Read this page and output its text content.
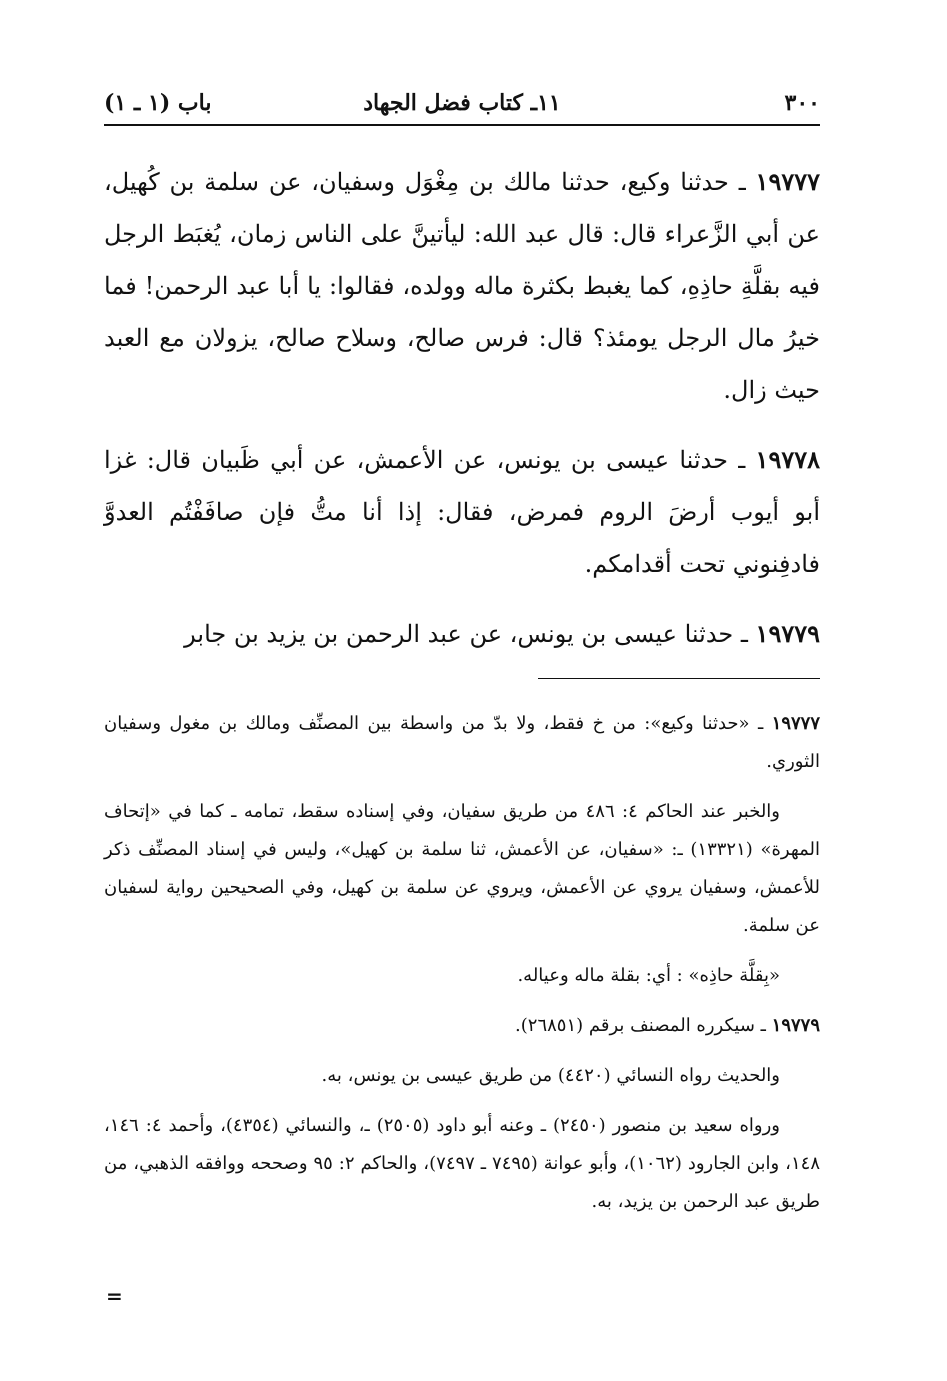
٣٠٠
١١ـ كتاب فضل الجهاد
باب (١ ـ ١)

١٩٧٧٧ ـ حدثنا وكيع، حدثنا مالك بن مِغْوَل وسفيان، عن سلمة بن كُهيل، عن أبي الزَّعراء قال: قال عبد الله: ليأتينَّ على الناس زمان، يُغبَط الرجل فيه بقلَّةِ حاذِهِ، كما يغبط بكثرة ماله وولده، فقالوا: يا أبا عبد الرحمن! فما خيرُ مال الرجل يومئذ؟ قال: فرس صالح، وسلاح صالح، يزولان مع العبد حيث زال.

١٩٧٧٨ ـ حدثنا عيسى بن يونس، عن الأعمش، عن أبي ظَبيان قال: غزا أبو أيوب أرضَ الروم فمرض، فقال: إذا أنا متُّ فإن صافَفْتُم العدوَّ فادفِنوني تحت أقدامكم.

١٩٧٧٩ ـ حدثنا عيسى بن يونس، عن عبد الرحمن بن يزيد بن جابر

١٩٧٧٧ ـ «حدثنا وكيع»: من خ فقط، ولا بدّ من واسطة بين المصنِّف ومالك بن مغول وسفيان الثوري.

والخبر عند الحاكم ٤: ٤٨٦ من طريق سفيان، وفي إسناده سقط، تمامه ـ كما في «إتحاف المهرة» (١٣٣٢١) ـ: «سفيان، عن الأعمش، ثنا سلمة بن كهيل»، وليس في إسناد المصنِّف ذكر للأعمش، وسفيان يروي عن الأعمش، ويروي عن سلمة بن كهيل، وفي الصحيحين رواية لسفيان عن سلمة.

«بِقلَّة حاذِه» : أي: بقلة ماله وعياله.

١٩٧٧٩ ـ سيكرره المصنف برقم (٢٦٨٥١).

والحديث رواه النسائي (٤٤٢٠) من طريق عيسى بن يونس، به.

ورواه سعيد بن منصور (٢٤٥٠) ـ وعنه أبو داود (٢٥٠٥) ـ، والنسائي (٤٣٥٤)، وأحمد ٤: ١٤٦، ١٤٨، وابن الجارود (١٠٦٢)، وأبو عوانة (٧٤٩٥ ـ ٧٤٩٧)، والحاكم ٢: ٩٥ وصححه ووافقه الذهبي، من طريق عبد الرحمن بن يزيد، به.

=
